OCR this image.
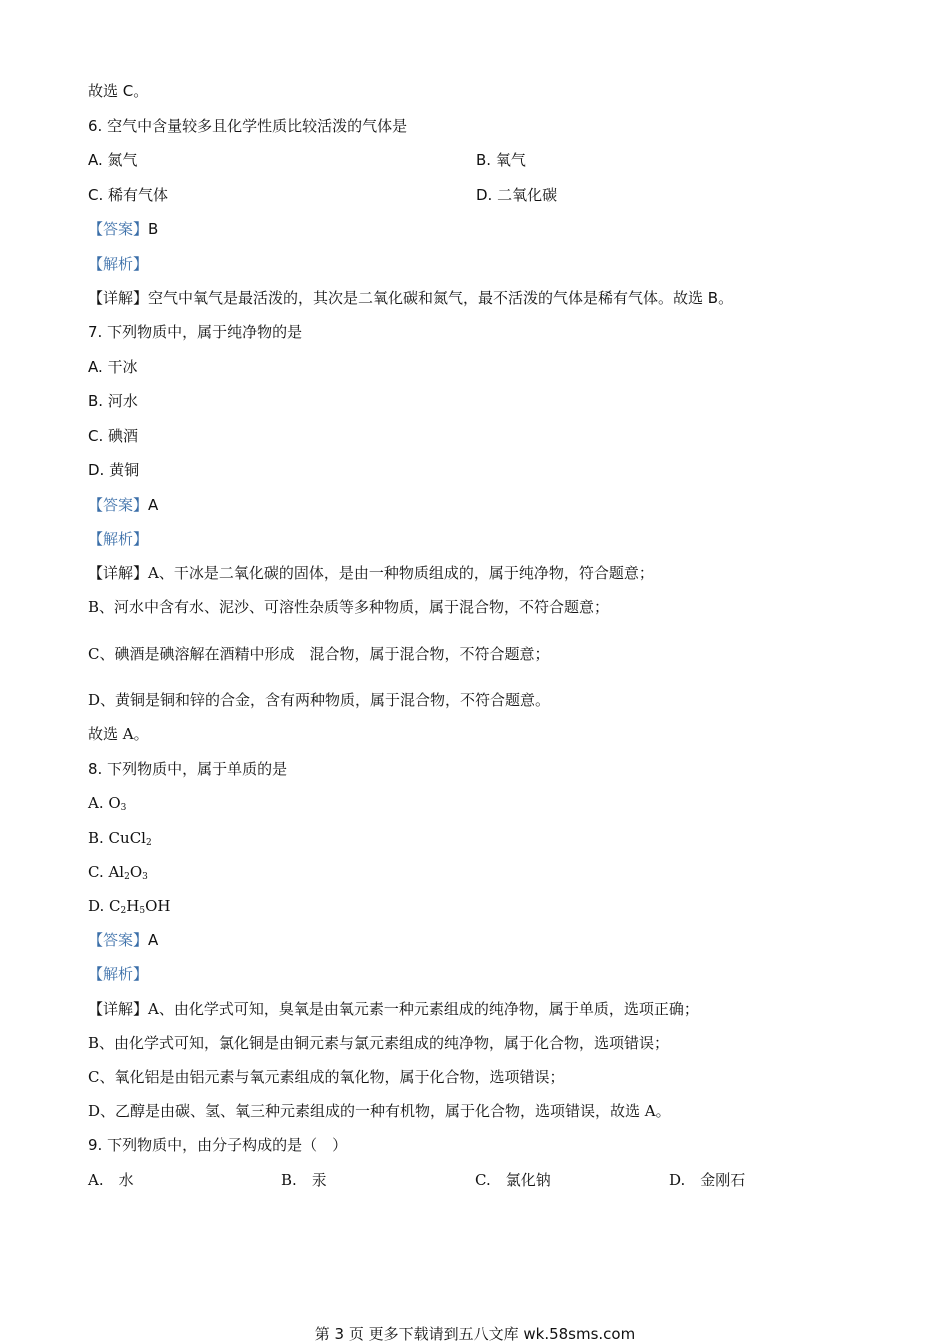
故选 C。
6. 空气中含量较多且化学性质比较活泼的气体是
A. 氮气	B. 氧气
C. 稀有气体	D. 二氧化碳
【答案】B
【解析】
【详解】空气中氧气是最活泼的，其次是二氧化碳和氮气，最不活泼的气体是稀有气体。故选 B。
7. 下列物质中，属于纯净物的是
A. 干冰
B. 河水
C. 碘酒
D. 黄铜
【答案】A
【解析】
【详解】A、干冰是二氧化碳的固体，是由一种物质组成的，属于纯净物，符合题意；
B、河水中含有水、泥沙、可溶性杂质等多种物质，属于混合物，不符合题意；
C、碘酒是碘溶解在酒精中形成　混合物，属于混合物，不符合题意；
D、黄铜是铜和锌的合金，含有两种物质，属于混合物，不符合题意。
故选 A。
8. 下列物质中，属于单质的是
A. $O_3$
B. CuCl$_2$
C. $Al_2O_3$
D. $C_2H_5OH$
【答案】A
【解析】
【详解】A、由化学式可知，臭氧是由氧元素一种元素组成的纯净物，属于单质，选项正确；
B、由化学式可知，氯化铜是由铜元素与氯元素组成的纯净物，属于化合物，选项错误；
C、氧化铝是由铝元素与氧元素组成的氧化物，属于化合物，选项错误；
D、乙醇是由碳、氢、氧三种元素组成的一种有机物，属于化合物，选项错误，故选 A。
9. 下列物质中，由分子构成的是（　）
A.　水	B.　汞	C.　氯化钠	D.　金刚石
第 3 页 更多下载请到五八文库 wk.58sms.com
